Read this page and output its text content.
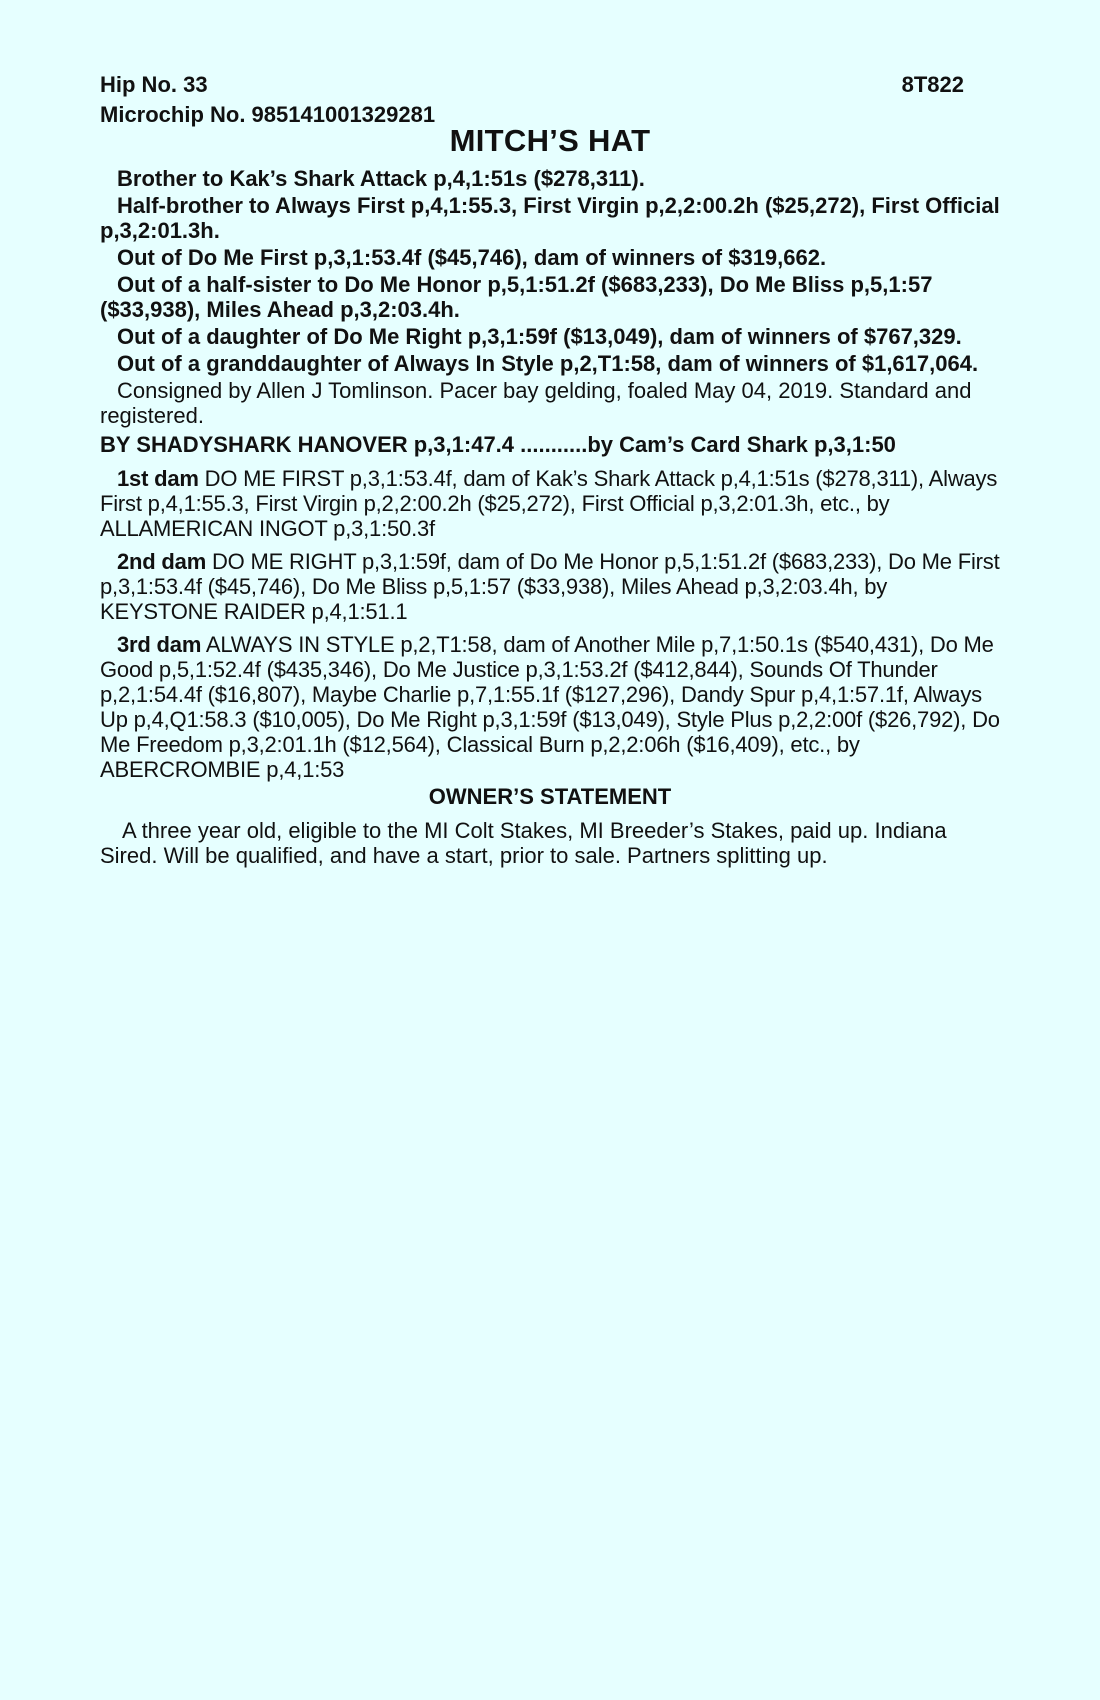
Hip No. 33	8T822
Microchip No. 985141001329281
MITCH’S HAT

Brother to Kak’s Shark Attack p,4,1:51s ($278,311).

Half-brother to Always First p,4,1:55.3, First Virgin p,2,2:00.2h ($25,272), First Official p,3,2:01.3h.

Out of Do Me First p,3,1:53.4f ($45,746), dam of winners of $319,662.

Out of a half-sister to Do Me Honor p,5,1:51.2f ($683,233), Do Me Bliss p,5,1:57 ($33,938), Miles Ahead p,3,2:03.4h.

Out of a daughter of Do Me Right p,3,1:59f ($13,049), dam of winners of $767,329.

Out of a granddaughter of Always In Style p,2,T1:58, dam of winners of $1,617,064.

Consigned by Allen J Tomlinson. Pacer bay gelding, foaled May 04, 2019. Standard and registered.

BY SHADYSHARK HANOVER p,3,1:47.4 ...........by Cam’s Card Shark p,3,1:50

1st dam DO ME FIRST p,3,1:53.4f, dam of Kak’s Shark Attack p,4,1:51s ($278,311), Always First p,4,1:55.3, First Virgin p,2,2:00.2h ($25,272), First Official p,3,2:01.3h, etc., by ALLAMERICAN INGOT p,3,1:50.3f

2nd dam DO ME RIGHT p,3,1:59f, dam of Do Me Honor p,5,1:51.2f ($683,233), Do Me First p,3,1:53.4f ($45,746), Do Me Bliss p,5,1:57 ($33,938), Miles Ahead p,3,2:03.4h, by KEYSTONE RAIDER p,4,1:51.1

3rd dam ALWAYS IN STYLE p,2,T1:58, dam of Another Mile p,7,1:50.1s ($540,431), Do Me Good p,5,1:52.4f ($435,346), Do Me Justice p,3,1:53.2f ($412,844), Sounds Of Thunder p,2,1:54.4f ($16,807), Maybe Charlie p,7,1:55.1f ($127,296), Dandy Spur p,4,1:57.1f, Always Up p,4,Q1:58.3 ($10,005), Do Me Right p,3,1:59f ($13,049), Style Plus p,2,2:00f ($26,792), Do Me Freedom p,3,2:01.1h ($12,564), Classical Burn p,2,2:06h ($16,409), etc., by ABERCROMBIE p,4,1:53

OWNER’S STATEMENT

A three year old, eligible to the MI Colt Stakes, MI Breeder’s Stakes, paid up. Indiana Sired. Will be qualified, and have a start, prior to sale. Partners splitting up.
